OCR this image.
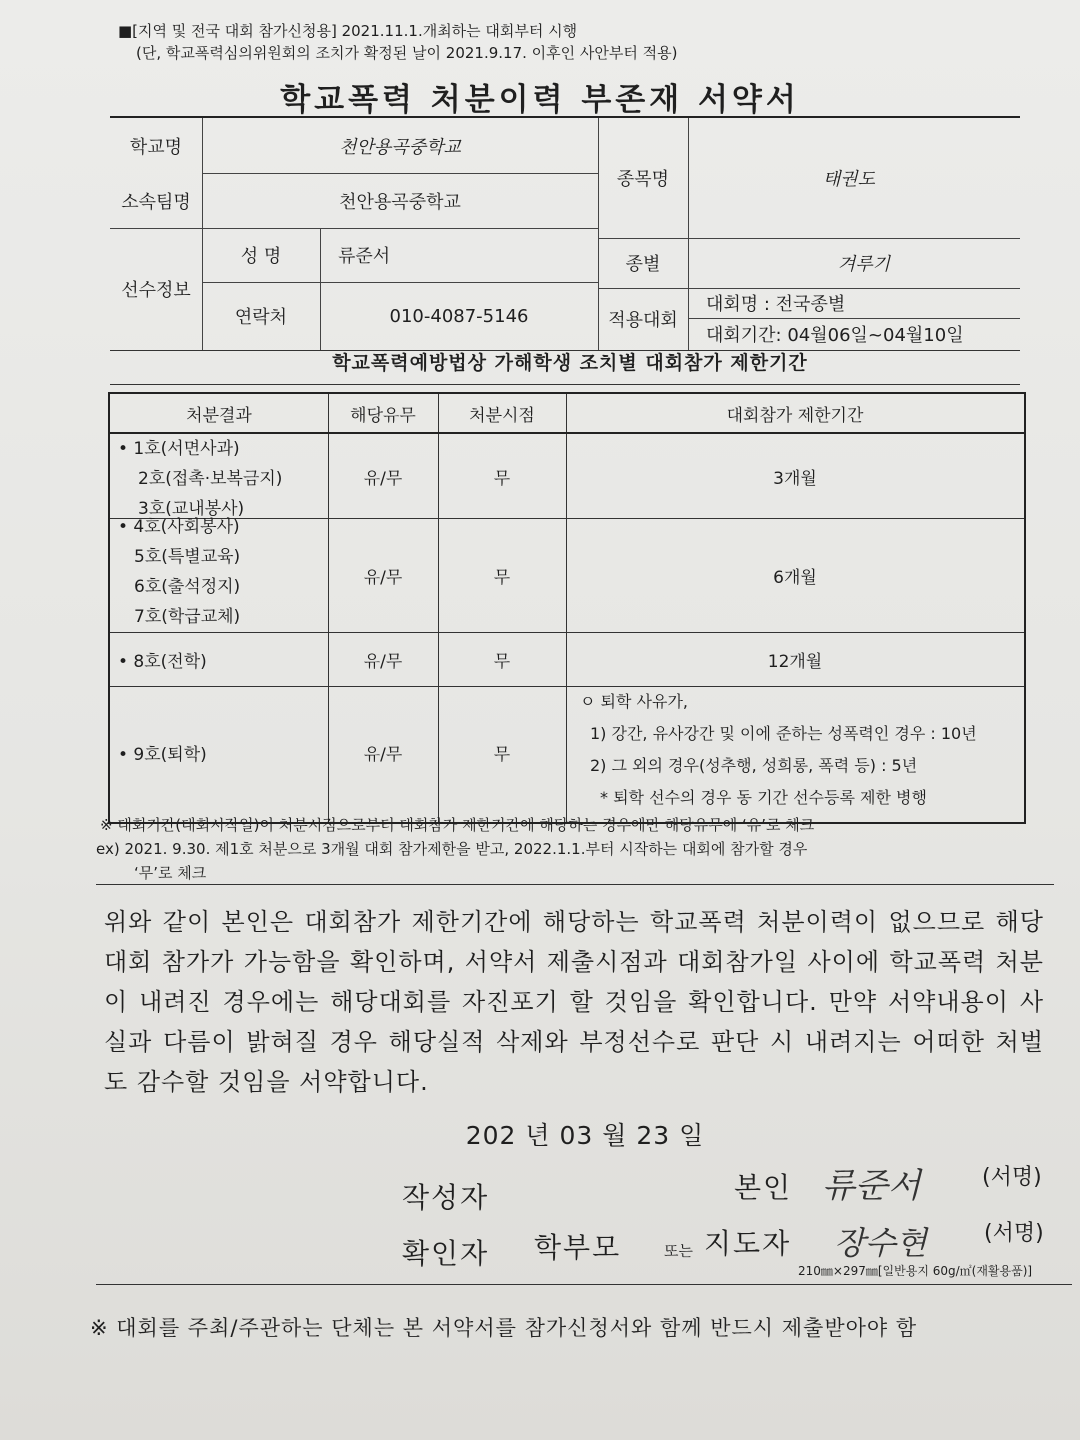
■[지역 및 전국 대회 참가신청용] 2021.11.1.개최하는 대회부터 시행
(단, 학교폭력심의위원회의 조치가 확정된 날이 2021.9.17. 이후인 사안부터 적용)
학교폭력 처분이력 부존재 서약서
학교명	천안용곡중학교
소속팀명	천안용곡중학교
선수정보
성 명	류준서
연락처	010-4087-5146
종목명	태권도
종별	겨루기
적용대회
대회명 : 전국종별
대회기간: 04월06일~04월10일
학교폭력예방법상 가해학생 조치별 대회참가 제한기간
처분결과	해당유무	처분시점	대회참가 제한기간
• 1호(서면사과)
2호(접촉·보복금지)
3호(교내봉사)
유/무	무	3개월
• 4호(사회봉사)
5호(특별교육)
6호(출석정지)
7호(학급교체)
유/무	무	6개월
• 8호(전학)	유/무	무	12개월
• 9호(퇴학)	유/무	무
ㅇ 퇴학 사유가,
1) 강간, 유사강간 및 이에 준하는 성폭력인 경우 : 10년
2) 그 외의 경우(성추행, 성희롱, 폭력 등) : 5년
* 퇴학 선수의 경우 동 기간 선수등록 제한 병행
※ 대회기간(대회시작일)이 처분시점으로부터 대회참가 제한기간에 해당하는 경우에만 해당유무에 ‘유’로 체크
ex) 2021. 9.30. 제1호 처분으로 3개월 대회 참가제한을 받고, 2022.1.1.부터 시작하는 대회에 참가할 경우
‘무’로 체크
위와 같이 본인은 대회참가 제한기간에 해당하는 학교폭력 처분이력이 없으므로 해당 대회 참가가 가능함을 확인하며, 서약서 제출시점과 대회참가일 사이에 학교폭력 처분이 내려진 경우에는 해당대회를 자진포기 할 것임을 확인합니다. 만약 서약내용이 사실과 다름이 밝혀질 경우 해당실적 삭제와 부정선수로 판단 시 내려지는 어떠한 처벌도 감수할 것임을 서약합니다.
202 년 03 월 23 일
작성자	본인 류준서	(서명)
확인자 학부모	또는 지도자 장수현	(서명)
210㎜×297㎜[일반용지 60g/㎡(재활용품)]
※ 대회를 주최/주관하는 단체는 본 서약서를 참가신청서와 함께 반드시 제출받아야 함
